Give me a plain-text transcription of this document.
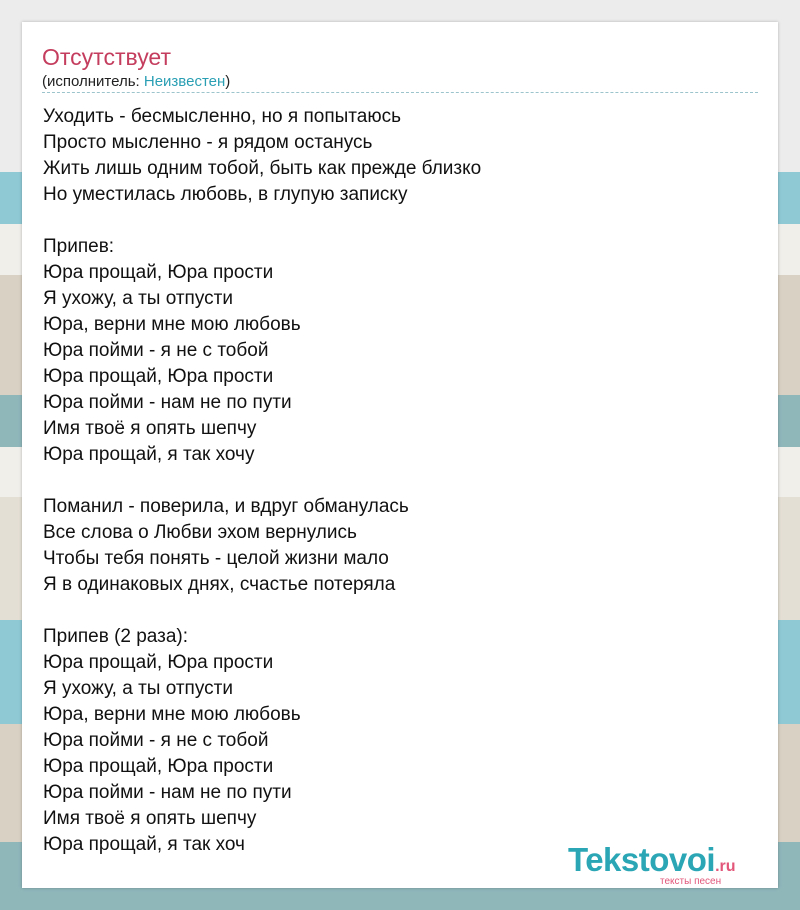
Отсутствует
(исполнитель: Неизвестен)
Уходить - бесмысленно, но я попытаюсь
Просто мысленно - я рядом останусь
Жить лишь одним тобой, быть как прежде близко
Но уместилась любовь, в глупую записку
Припев:
Юра прощай, Юра прости
Я ухожу, а ты отпусти
Юра, верни мне мою любовь
Юра пойми - я не с тобой
Юра прощай, Юра прости
Юра пойми - нам не по пути
Имя твоё я опять шепчу
Юра прощай, я так хочу
Поманил - поверила, и вдруг обманулась
Все слова о Любви эхом вернулись
Чтобы тебя понять - целой жизни мало
Я в одинаковых днях, счастье потеряла
Припев (2 раза):
Юра прощай, Юра прости
Я ухожу, а ты отпусти
Юра, верни мне мою любовь
Юра пойми - я не с тобой
Юра прощай, Юра прости
Юра пойми - нам не по пути
Имя твоё я опять шепчу
Юра прощай, я так хоч	Tekstovoi.ru
тексты песен
